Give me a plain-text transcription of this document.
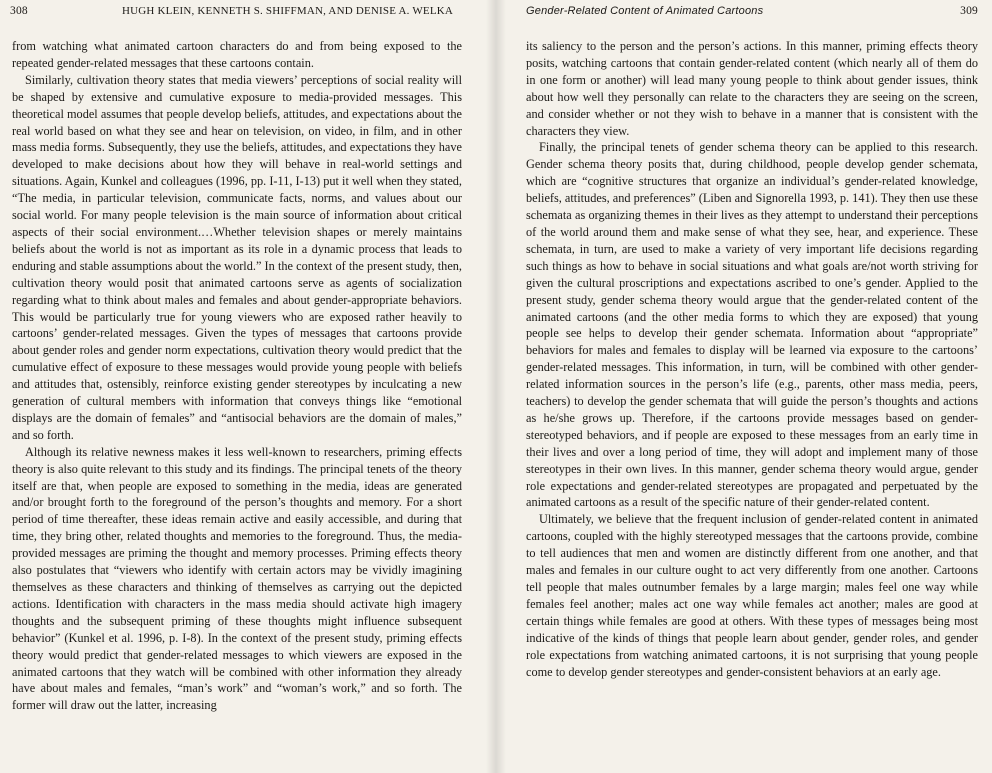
308	HUGH KLEIN, KENNETH S. SHIFFMAN, AND DENISE A. WELKA

from watching what animated cartoon characters do and from being exposed to the repeated gender-related messages that these cartoons contain.

Similarly, cultivation theory states that media viewers’ perceptions of social reality will be shaped by extensive and cumulative exposure to media-provided messages. This theoretical model assumes that people develop beliefs, attitudes, and expectations about the real world based on what they see and hear on television, on video, in film, and in other mass media forms. Subsequently, they use the beliefs, attitudes, and expectations they have developed to make decisions about how they will behave in real-world settings and situations. Again, Kunkel and colleagues (1996, pp. I-11, I-13) put it well when they stated, “The media, in particular television, communicate facts, norms, and values about our social world. For many people television is the main source of information about critical aspects of their social environment.…Whether television shapes or merely maintains beliefs about the world is not as important as its role in a dynamic process that leads to enduring and stable assumptions about the world.” In the context of the present study, then, cultivation theory would posit that animated cartoons serve as agents of socialization regarding what to think about males and females and about gender-appropriate behaviors. This would be particularly true for young viewers who are exposed rather heavily to cartoons’ gender-related messages. Given the types of messages that cartoons provide about gender roles and gender norm expectations, cultivation theory would predict that the cumulative effect of exposure to these messages would provide young people with beliefs and attitudes that, ostensibly, reinforce existing gender stereotypes by inculcating a new generation of cultural members with information that conveys things like “emotional displays are the domain of females” and “antisocial behaviors are the domain of males,” and so forth.

Although its relative newness makes it less well-known to researchers, priming effects theory is also quite relevant to this study and its findings. The principal tenets of the theory itself are that, when people are exposed to something in the media, ideas are generated and/or brought forth to the foreground of the person’s thoughts and memory. For a short period of time thereafter, these ideas remain active and easily accessible, and during that time, they bring other, related thoughts and memories to the foreground. Thus, the media-provided messages are priming the thought and memory processes. Priming effects theory also postulates that “viewers who identify with certain actors may be vividly imagining themselves as these characters and thinking of themselves as carrying out the depicted actions. Identification with characters in the mass media should activate high imagery thoughts and the subsequent priming of these thoughts might influence subsequent behavior” (Kunkel et al. 1996, p. I-8). In the context of the present study, priming effects theory would predict that gender-related messages to which viewers are exposed in the animated cartoons that they watch will be combined with other information they already have about males and females, “man’s work” and “woman’s work,” and so forth. The former will draw out the latter, increasing

Gender-Related Content of Animated Cartoons	309

its saliency to the person and the person’s actions. In this manner, priming effects theory posits, watching cartoons that contain gender-related content (which nearly all of them do in one form or another) will lead many young people to think about gender issues, think about how well they personally can relate to the characters they are seeing on the screen, and consider whether or not they wish to behave in a manner that is consistent with the characters they view.

Finally, the principal tenets of gender schema theory can be applied to this research. Gender schema theory posits that, during childhood, people develop gender schemata, which are “cognitive structures that organize an individual’s gender-related knowledge, beliefs, attitudes, and preferences” (Liben and Signorella 1993, p. 141). They then use these schemata as organizing themes in their lives as they attempt to understand their perceptions of the world around them and make sense of what they see, hear, and experience. These schemata, in turn, are used to make a variety of very important life decisions regarding such things as how to behave in social situations and what goals are/not worth striving for given the cultural proscriptions and expectations ascribed to one’s gender. Applied to the present study, gender schema theory would argue that the gender-related content of the animated cartoons (and the other media forms to which they are exposed) that young people see helps to develop their gender schemata. Information about “appropriate” behaviors for males and females to display will be learned via exposure to the cartoons’ gender-related messages. This information, in turn, will be combined with other gender-related information sources in the person’s life (e.g., parents, other mass media, peers, teachers) to develop the gender schemata that will guide the person’s thoughts and actions as he/she grows up. Therefore, if the cartoons provide messages based on gender-stereotyped behaviors, and if people are exposed to these messages from an early time in their lives and over a long period of time, they will adopt and implement many of those stereotypes in their own lives. In this manner, gender schema theory would argue, gender role expectations and gender-related stereotypes are propagated and perpetuated by the animated cartoons as a result of the specific nature of their gender-related content.

Ultimately, we believe that the frequent inclusion of gender-related content in animated cartoons, coupled with the highly stereotyped messages that the cartoons provide, combine to tell audiences that men and women are distinctly different from one another, and that males and females in our culture ought to act very differently from one another. Cartoons tell people that males outnumber females by a large margin; males feel one way while females feel another; males act one way while females act another; males are good at certain things while females are good at others. With these types of messages being most indicative of the kinds of things that people learn about gender, gender roles, and gender role expectations from watching animated cartoons, it is not surprising that young people come to develop gender stereotypes and gender-consistent behaviors at an early age.
